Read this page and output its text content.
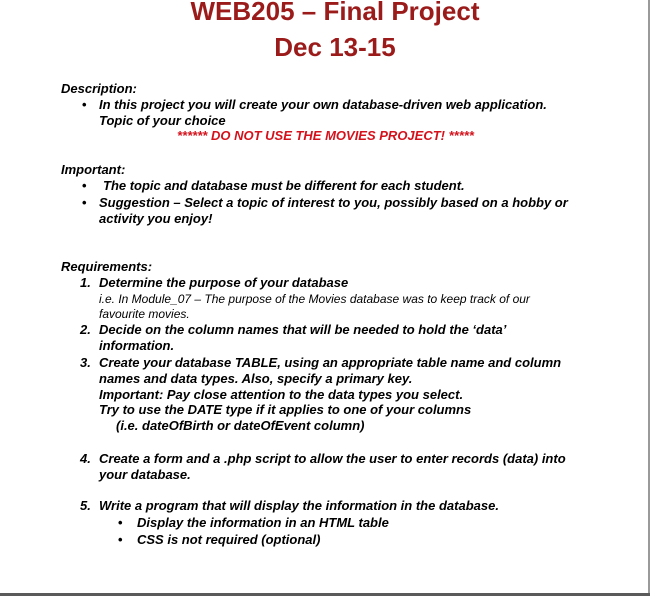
WEB205 – Final Project
Dec 13-15
Description:
• In this project you will create your own database-driven web application.
Topic of your choice
****** DO NOT USE THE MOVIES PROJECT! *****
Important:
• The topic and database must be different for each student.
• Suggestion – Select a topic of interest to you, possibly based on a hobby or
activity you enjoy!
Requirements:
1. Determine the purpose of your database
i.e. In Module_07 – The purpose of the Movies database was to keep track of our
favourite movies.
2. Decide on the column names that will be needed to hold the ‘data’
information.
3. Create your database TABLE, using an appropriate table name and column
names and data types. Also, specify a primary key.
Important: Pay close attention to the data types you select.
Try to use the DATE type if it applies to one of your columns
(i.e. dateOfBirth or dateOfEvent column)
4. Create a form and a .php script to allow the user to enter records (data) into
your database.
5. Write a program that will display the information in the database.
• Display the information in an HTML table
• CSS is not required (optional)
